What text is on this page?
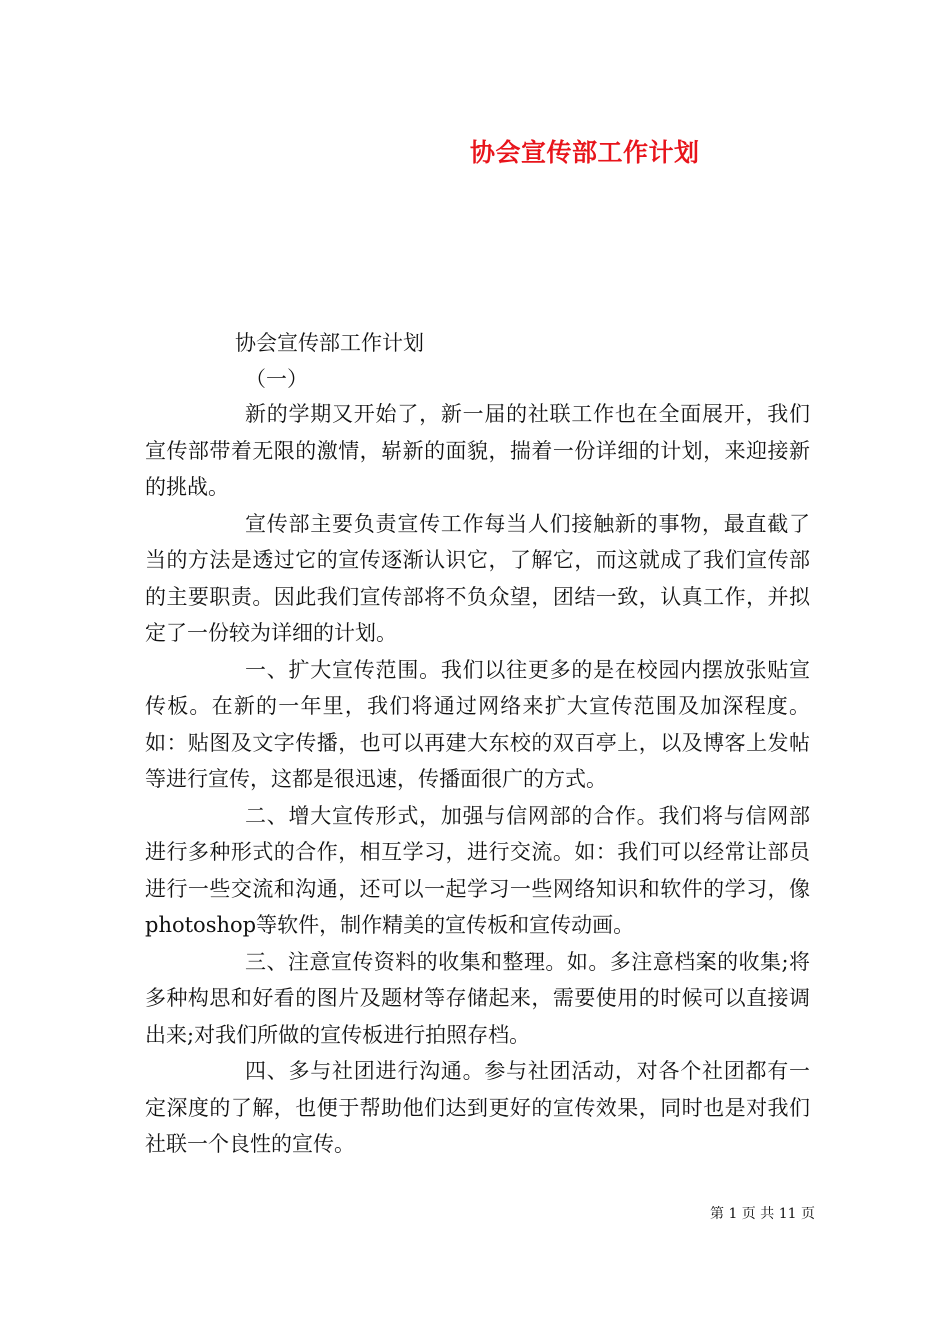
协会宣传部工作计划
协会宣传部工作计划
（一）

新的学期又开始了，新一届的社联工作也在全面展开，我们宣传部带着无限的激情，崭新的面貌，揣着一份详细的计划，来迎接新的挑战。

宣传部主要负责宣传工作每当人们接触新的事物，最直截了当的方法是透过它的宣传逐渐认识它，了解它，而这就成了我们宣传部的主要职责。因此我们宣传部将不负众望，团结一致，认真工作，并拟定了一份较为详细的计划。

一、扩大宣传范围。我们以往更多的是在校园内摆放张贴宣传板。在新的一年里，我们将通过网络来扩大宣传范围及加深程度。如：贴图及文字传播，也可以再建大东校的双百亭上，以及博客上发帖等进行宣传，这都是很迅速，传播面很广的方式。

二、增大宣传形式，加强与信网部的合作。我们将与信网部进行多种形式的合作，相互学习，进行交流。如：我们可以经常让部员进行一些交流和沟通，还可以一起学习一些网络知识和软件的学习，像photoshop等软件，制作精美的宣传板和宣传动画。

三、注意宣传资料的收集和整理。如。多注意档案的收集;将多种构思和好看的图片及题材等存储起来，需要使用的时候可以直接调出来;对我们所做的宣传板进行拍照存档。

四、多与社团进行沟通。参与社团活动，对各个社团都有一定深度的了解，也便于帮助他们达到更好的宣传效果，同时也是对我们社联一个良性的宣传。

第 1 页 共 11 页
